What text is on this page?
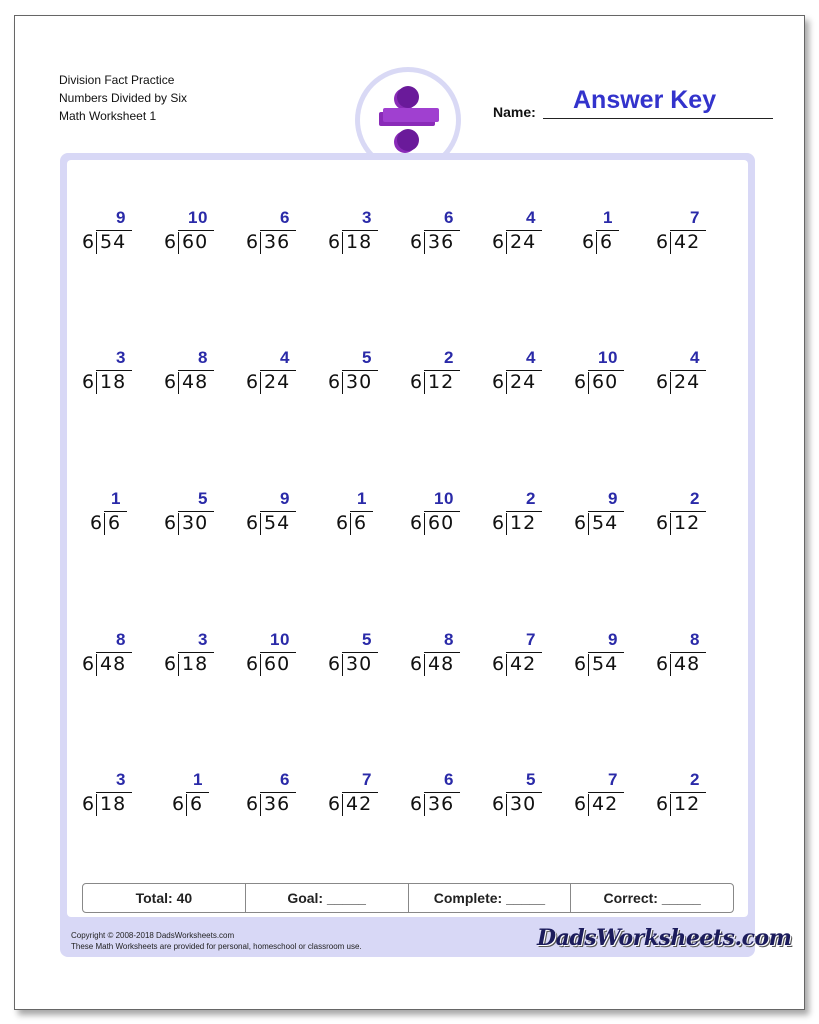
Division Fact Practice
Numbers Divided by Six
Math Worksheet 1	Name: Answer Key
6 54
9
6 60
10
6 36
6
6 18
3
6 36
6
6 24
4
6 6
1
6 42
7
6 18
3
6 48
8
6 24
4
6 30
5
6 12
2
6 24
4
6 60
10
6 24
4
6 6
1
6 30
5
6 54
9
6 6
1
6 60
10
6 12
2
6 54
9
6 12
2
6 48
8
6 18
3
6 60
10
6 30
5
6 48
8
6 42
7
6 54
9
6 48
8
6 18
3
6 6
1
6 36
6
6 42
7
6 36
6
6 30
5
6 42
7
6 12
2
Total: 40	Goal: _____	Complete: _____	Correct: _____
Copyright © 2008-2018 DadsWorksheets.com
These Math Worksheets are provided for personal, homeschool or classroom use.	DadsWorksheets.com
